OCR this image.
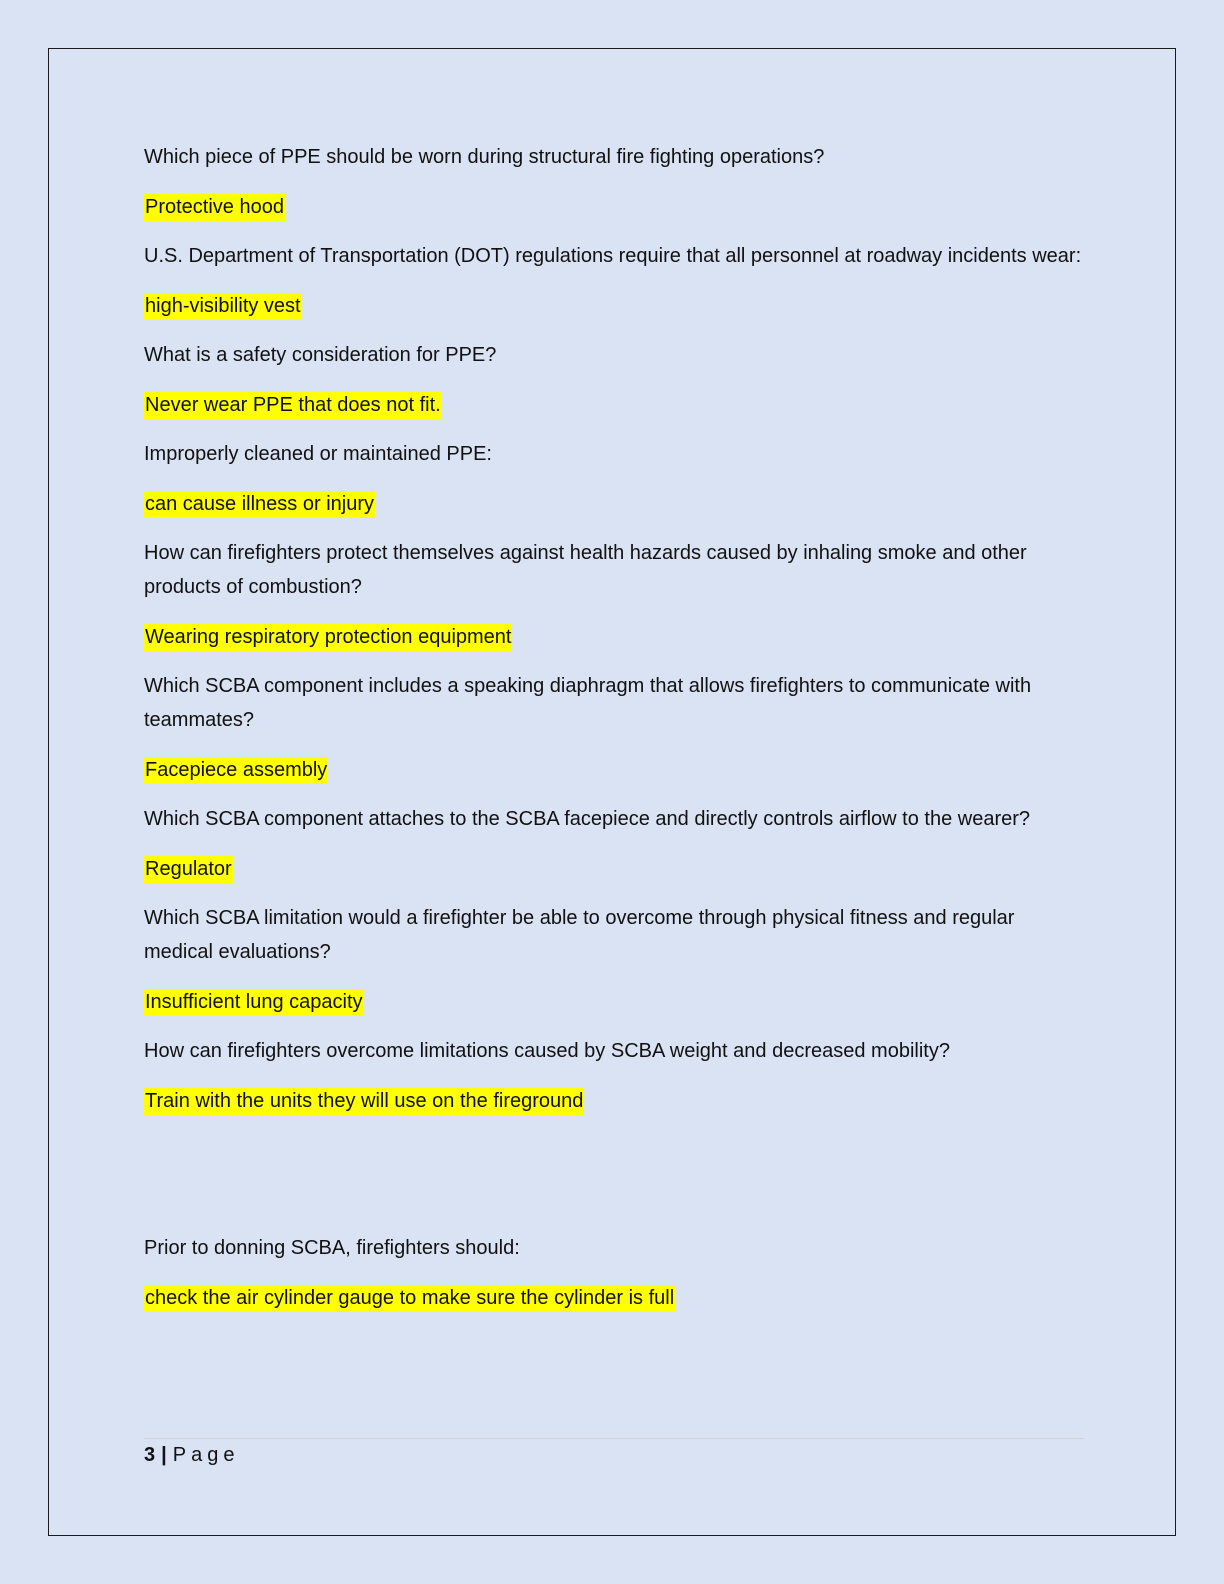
Which piece of PPE should be worn during structural fire fighting operations?
Protective hood
U.S. Department of Transportation (DOT) regulations require that all personnel at roadway incidents wear:
high-visibility vest
What is a safety consideration for PPE?
Never wear PPE that does not fit.
Improperly cleaned or maintained PPE:
can cause illness or injury
How can firefighters protect themselves against health hazards caused by inhaling smoke and other products of combustion?
Wearing respiratory protection equipment
Which SCBA component includes a speaking diaphragm that allows firefighters to communicate with teammates?
Facepiece assembly
Which SCBA component attaches to the SCBA facepiece and directly controls airflow to the wearer?
Regulator
Which SCBA limitation would a firefighter be able to overcome through physical fitness and regular medical evaluations?
Insufficient lung capacity
How can firefighters overcome limitations caused by SCBA weight and decreased mobility?
Train with the units they will use on the fireground
Prior to donning SCBA, firefighters should:
check the air cylinder gauge to make sure the cylinder is full
3 | Page
